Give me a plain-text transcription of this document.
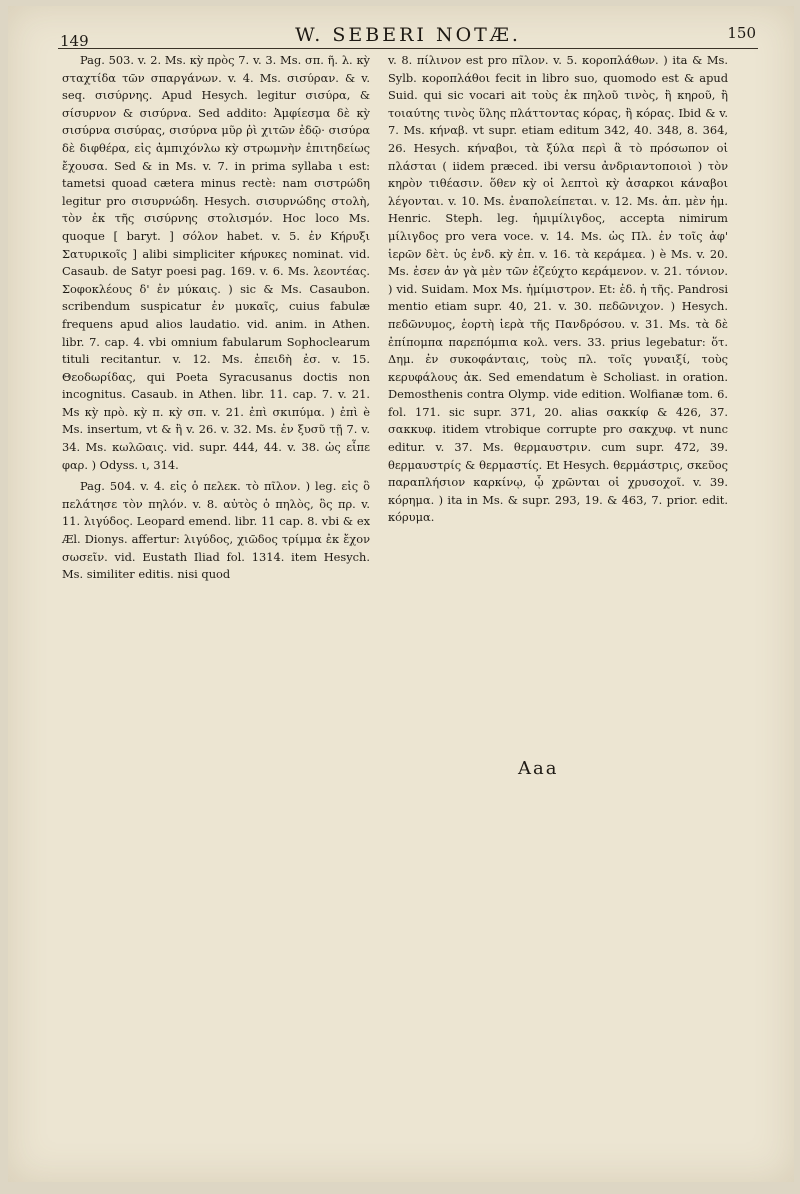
149	W. SEBERI NOTÆ.	150

Pag. 503. v. 2. Ms. κỳ πρὸς 7. v. 3. Ms. σπ. ῆ. λ. κỳ σταχτίδα τῶν σπαργάνων. v. 4. Ms. σισύραν. & v. seq. σισύρνης. Apud Hesych. legitur σισύρα, & σίσυρνον & σισύρνα. Sed addito: Ἀμφίεσμα δὲ κỳ σισύρνα σισύρας, σισύρνα μῦρ ῥὶ χιτῶν ἐδῷ· σισύρα δὲ διφθέρα, εἰς ἀμπιχόνλω κỳ στρωμνὴν ἐπιτηδείως ἔχουσα. Sed & in Ms. v. 7. in prima syllaba ι est: tametsi quoad cætera minus rectè: nam σιστρώδη legitur pro σισυρνώδη. Hesych. σισυρνώδης στολὴ, τὸν ἐκ τῆς σισύρνης στολισμόν. Hoc loco Ms. quoque [ baryt. ] σόλον habet. v. 5. ἐν Κήρυξι Σατυρικοῖς ] alibi simpliciter κήρυκες nominat. vid. Casaub. de Satyr poesi pag. 169. v. 6. Ms. λεοντέας. Σοφοκλέους δ' ἐν μύκαις. ) sic & Ms. Casaubon. scribendum suspicatur ἐν μυκαῖς, cuius fabulæ frequens apud alios laudatio. vid. anim. in Athen. libr. 7. cap. 4. vbi omnium fabularum Sophoclearum tituli recitantur. v. 12. Ms. ἐπειδὴ ἐσ. v. 15. Θεοδωρίδας, qui Poeta Syracusanus doctis non incognitus. Casaub. in Athen. libr. 11. cap. 7. v. 21. Ms κỳ πρὸ. κỳ π. κỳ σπ. v. 21. ἐπὶ σκιπύμα. ) ἐπὶ è Ms. insertum, vt & ἢ v. 26. v. 32. Ms. ἐν ξυσῦ τῇ 7. v. 34. Ms. κωλῶαις. vid. supr. 444, 44. v. 38. ὡς εἶπε φαρ. ) Odyss. ι, 314.

Pag. 504. v. 4. εἰς ὁ πελεκ. τὸ πῖλον. ) leg. εἰς ὃ πελάτησε τὸν πηλόν. v. 8. αὐτὸς ὁ πηλὸς, ὃς πρ. v. 11. λιγύδος. Leopard emend. libr. 11 cap. 8. vbi & ex Æl. Dionys. affertur: λιγύδος, χιῶδος τρίμμα ἐκ ἔχον σωσεῖν. vid. Eustath Iliad fol. 1314. item Hesych. Ms. similiter editis. nisi quod

v. 8. πίλινον est pro πῖλον. v. 5. κοροπλάθων. ) ita & Ms. Sylb. κοροπλάθοι fecit in libro suo, quomodo est & apud Suid. qui sic vocari ait τοὺς ἐκ πηλοῦ τινὸς, ἢ κηροῦ, ἢ τοιαύτης τινὸς ὕλης πλάττοντας κόρας, ἢ κόρας. Ibid & v. 7. Ms. κήναβ. vt supr. etiam editum 342, 40. 348, 8. 364, 26. Hesych. κήναβοι, τὰ ξύλα περὶ ἃ τὸ πρόσωπον οἱ πλάσται ( iidem præced. ibi versu ἀνδριαντοποιοὶ ) τὸν κηρὸν τιθέασιν. ὅθεν κỳ οἱ λεπτοὶ κỳ ἀσαρκοι κάναβοι λέγονται. v. 10. Ms. ἐναπολείπεται. v. 12. Ms. ἀπ. μὲν ἡμ. Henric. Steph. leg. ἡμιμίλιγδος, accepta nimirum μίλιγδος pro vera voce. v. 14. Ms. ὡς Πλ. ἐν τοῖς ἀφ' ἱερῶν δὲτ. ὑς ἐνδ. κỳ ἐπ. v. 16. τὰ κεράμεα. ) è Ms. v. 20. Ms. ἐσεν ἀν γὰ μὲν τῶν ἐζεύχτο κεράμενον. v. 21. τόνιον. ) vid. Suidam. Mox Ms. ἡμίμιστρον. Et: ἐδ. ἡ τῆς. Pandrosi mentio etiam supr. 40, 21. v. 30. πεδῶνιχον. ) Hesych. πεδῶνυμος, ἑορτὴ ἱερὰ τῆς Πανδρόσου. v. 31. Ms. τὰ δὲ ἐπίπομπα παρεπόμπια κολ. vers. 33. prius legebatur: ὅτ. Δημ. ἐν συκοφάνταις, τοὺς πλ. τοῖς γυναιξί, τοὺς κερυφάλους ἀκ. Sed emendatum è Scholiast. in oration. Demosthenis contra Olymp. vide edition. Wolfianæ tom. 6. fol. 171. sic supr. 371, 20. alias σακκίφ & 426, 37. σακκυφ. itidem vtrobique corrupte pro σακχυφ. vt nunc editur. v. 37. Ms. θερμαυστριν. cum supr. 472, 39. θερμαυστρίς & θερμαστίς. Et Hesych. θερμάστρις, σκεῦος παραπλήσιον καρκίνῳ, ᾧ χρῶνται οἱ χρυσοχοῖ. v. 39. κόρημα. ) ita in Ms. & supr. 293, 19. & 463, 7. prior. edit. κόρυμα.

Aaa
